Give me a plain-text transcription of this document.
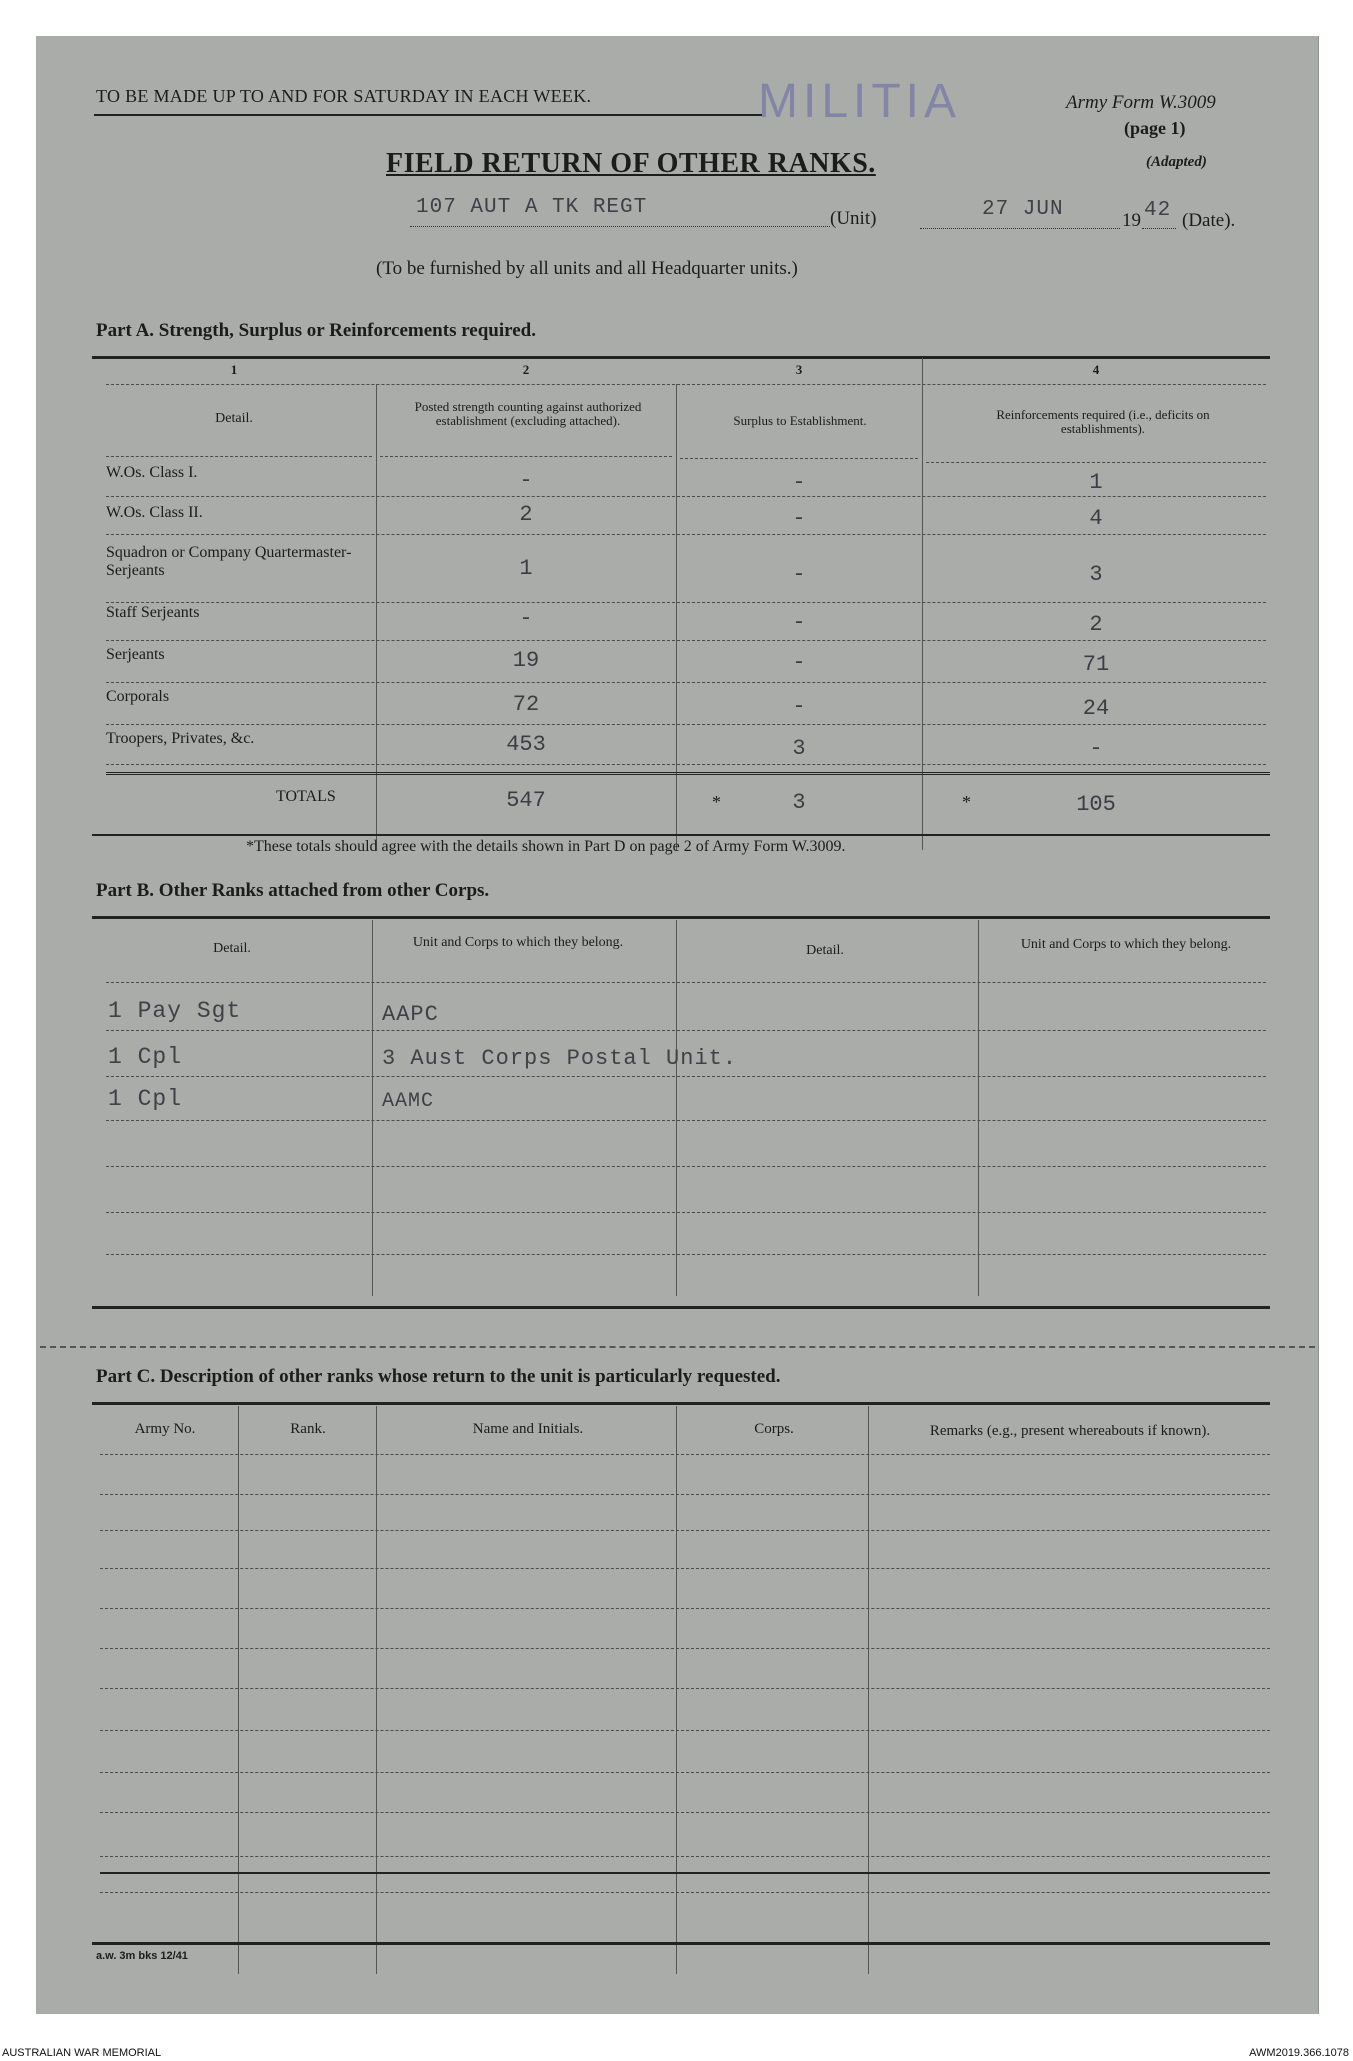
TO BE MADE UP TO AND FOR SATURDAY IN EACH WEEK.	MILITIA	Army Form W.3009
(page 1)
(Adapted)
FIELD RETURN OF OTHER RANKS.
107 AUT A TK REGT	(Unit)	27 JUN	19 42 (Date).
(To be furnished by all units and all Headquarter units.)
Part A. Strength, Surplus or Reinforcements required.
1	2	3	4
Detail.
Posted strength counting against authorized establishment (excluding attached).	Surplus to Establishment.	Reinforcements required (i.e., deficits on establishments).
W.Os. Class I.	-	-	1
W.Os. Class II.	2	-	4
Squadron or Company Quartermaster-Serjeants	1	-	3
Staff Serjeants	-	-	2
Serjeants	19	-	71
Corporals	72	-	24
Troopers, Privates, &c.	453	3	-
TOTALS	547	*	3	*	105
*These totals should agree with the details shown in Part D on page 2 of Army Form W.3009.
Part B. Other Ranks attached from other Corps.
Detail.	Unit and Corps to which they belong.
Detail.	Unit and Corps to which they belong.
1 Pay Sgt	AAPC
1 Cpl	3 Aust Corps Postal Unit.
1 Cpl	AAMC
Part C. Description of other ranks whose return to the unit is particularly requested.
Army No.	Rank.	Name and Initials.	Corps.	Remarks (e.g., present whereabouts if known).
a.w. 3m bks 12/41
AUSTRALIAN WAR MEMORIAL	AWM2019.366.1078
